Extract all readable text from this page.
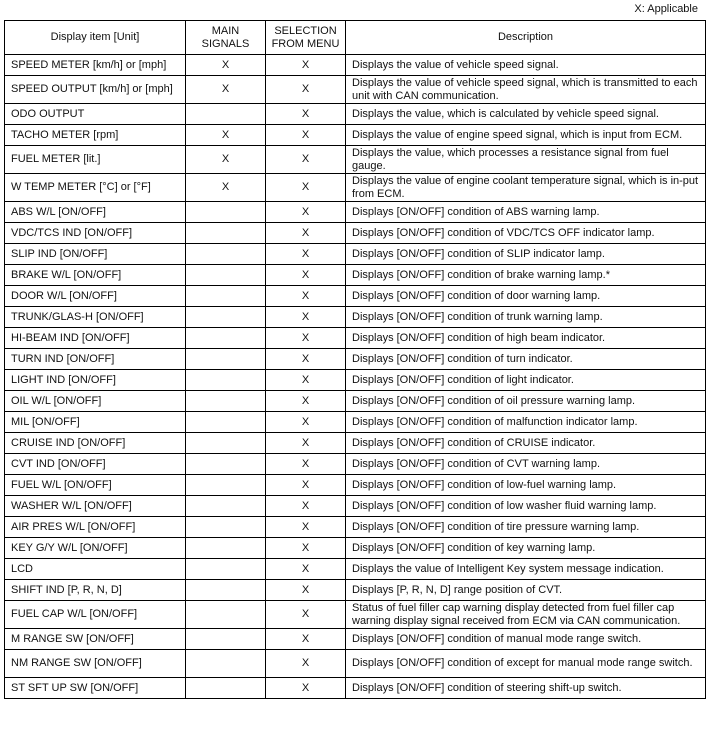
X: Applicable
Display item [Unit]	MAIN SIGNALS	SELECTION FROM MENU	Description
SPEED METER [km/h] or [mph]	X	X	Displays the value of vehicle speed signal.
SPEED OUTPUT [km/h] or [mph]	X	X	Displays the value of vehicle speed signal, which is transmitted to each unit with CAN communication.
ODO OUTPUT		X	Displays the value, which is calculated by vehicle speed signal.
TACHO METER [rpm]	X	X	Displays the value of engine speed signal, which is input from ECM.
FUEL METER [lit.]	X	X	Displays the value, which processes a resistance signal from fuel gauge.
W TEMP METER [°C] or [°F]	X	X	Displays the value of engine coolant temperature signal, which is in-put from ECM.
ABS W/L [ON/OFF]		X	Displays [ON/OFF] condition of ABS warning lamp.
VDC/TCS IND [ON/OFF]		X	Displays [ON/OFF] condition of VDC/TCS OFF indicator lamp.
SLIP IND [ON/OFF]		X	Displays [ON/OFF] condition of SLIP indicator lamp.
BRAKE W/L [ON/OFF]		X	Displays [ON/OFF] condition of brake warning lamp.*
DOOR W/L [ON/OFF]		X	Displays [ON/OFF] condition of door warning lamp.
TRUNK/GLAS-H [ON/OFF]		X	Displays [ON/OFF] condition of trunk warning lamp.
HI-BEAM IND [ON/OFF]		X	Displays [ON/OFF] condition of high beam indicator.
TURN IND [ON/OFF]		X	Displays [ON/OFF] condition of turn indicator.
LIGHT IND [ON/OFF]		X	Displays [ON/OFF] condition of light indicator.
OIL W/L [ON/OFF]		X	Displays [ON/OFF] condition of oil pressure warning lamp.
MIL [ON/OFF]		X	Displays [ON/OFF] condition of malfunction indicator lamp.
CRUISE IND [ON/OFF]		X	Displays [ON/OFF] condition of CRUISE indicator.
CVT IND [ON/OFF]		X	Displays [ON/OFF] condition of CVT warning lamp.
FUEL W/L [ON/OFF]		X	Displays [ON/OFF] condition of low-fuel warning lamp.
WASHER W/L [ON/OFF]		X	Displays [ON/OFF] condition of low washer fluid warning lamp.
AIR PRES W/L [ON/OFF]		X	Displays [ON/OFF] condition of tire pressure warning lamp.
KEY G/Y W/L [ON/OFF]		X	Displays [ON/OFF] condition of key warning lamp.
LCD		X	Displays the value of Intelligent Key system message indication.
SHIFT IND [P, R, N, D]		X	Displays [P, R, N, D] range position of CVT.
FUEL CAP W/L [ON/OFF]		X	Status of fuel filler cap warning display detected from fuel filler cap warning display signal received from ECM via CAN communication.
M RANGE SW [ON/OFF]		X	Displays [ON/OFF] condition of manual mode range switch.
NM RANGE SW [ON/OFF]		X	Displays [ON/OFF] condition of except for manual mode range switch.
ST SFT UP SW [ON/OFF]		X	Displays [ON/OFF] condition of steering shift-up switch.
